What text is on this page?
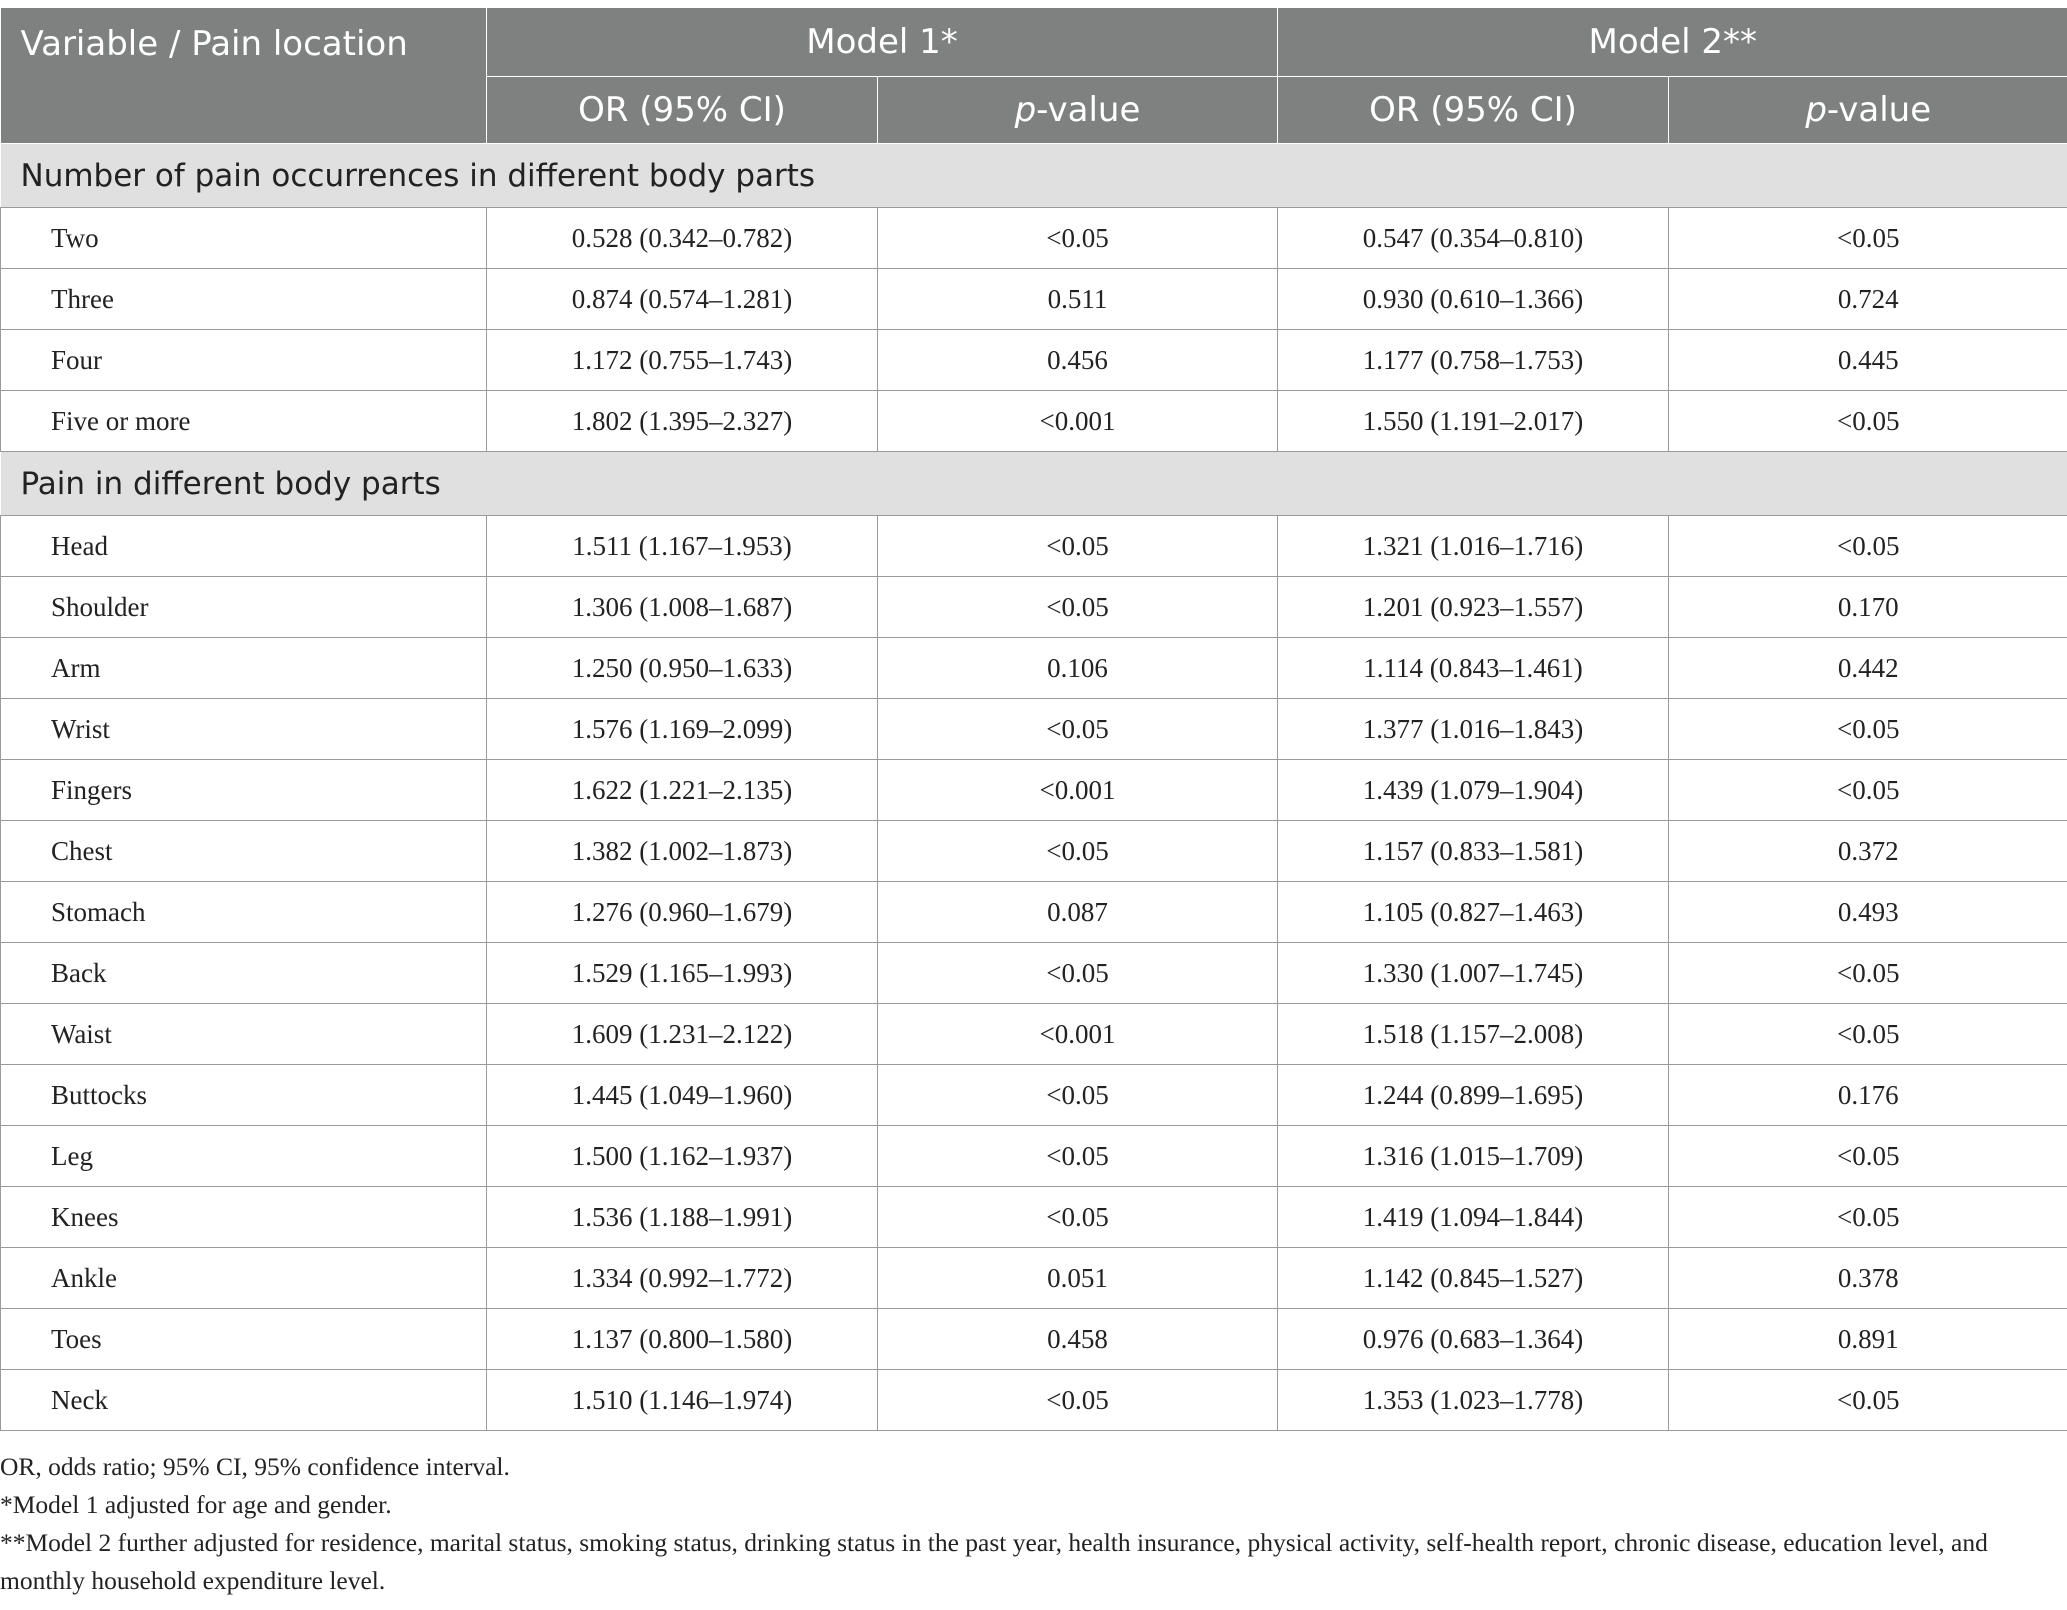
Variable / Pain location	Model 1*		Model 2**	
	OR (95% CI)	p-value	OR (95% CI)	p-value
Number of pain occurrences in different body parts				
Two	0.528 (0.342–0.782)	<0.05	0.547 (0.354–0.810)	<0.05
Three	0.874 (0.574–1.281)	0.511	0.930 (0.610–1.366)	0.724
Four	1.172 (0.755–1.743)	0.456	1.177 (0.758–1.753)	0.445
Five or more	1.802 (1.395–2.327)	<0.001	1.550 (1.191–2.017)	<0.05
Pain in different body parts				
Head	1.511 (1.167–1.953)	<0.05	1.321 (1.016–1.716)	<0.05
Shoulder	1.306 (1.008–1.687)	<0.05	1.201 (0.923–1.557)	0.170
Arm	1.250 (0.950–1.633)	0.106	1.114 (0.843–1.461)	0.442
Wrist	1.576 (1.169–2.099)	<0.05	1.377 (1.016–1.843)	<0.05
Fingers	1.622 (1.221–2.135)	<0.001	1.439 (1.079–1.904)	<0.05
Chest	1.382 (1.002–1.873)	<0.05	1.157 (0.833–1.581)	0.372
Stomach	1.276 (0.960–1.679)	0.087	1.105 (0.827–1.463)	0.493
Back	1.529 (1.165–1.993)	<0.05	1.330 (1.007–1.745)	<0.05
Waist	1.609 (1.231–2.122)	<0.001	1.518 (1.157–2.008)	<0.05
Buttocks	1.445 (1.049–1.960)	<0.05	1.244 (0.899–1.695)	0.176
Leg	1.500 (1.162–1.937)	<0.05	1.316 (1.015–1.709)	<0.05
Knees	1.536 (1.188–1.991)	<0.05	1.419 (1.094–1.844)	<0.05
Ankle	1.334 (0.992–1.772)	0.051	1.142 (0.845–1.527)	0.378
Toes	1.137 (0.800–1.580)	0.458	0.976 (0.683–1.364)	0.891
Neck	1.510 (1.146–1.974)	<0.05	1.353 (1.023–1.778)	<0.05

OR, odds ratio; 95% CI, 95% confidence interval.

*Model 1 adjusted for age and gender.

**Model 2 further adjusted for residence, marital status, smoking status, drinking status in the past year, health insurance, physical activity, self-health report, chronic disease, education level, and monthly household expenditure level.
